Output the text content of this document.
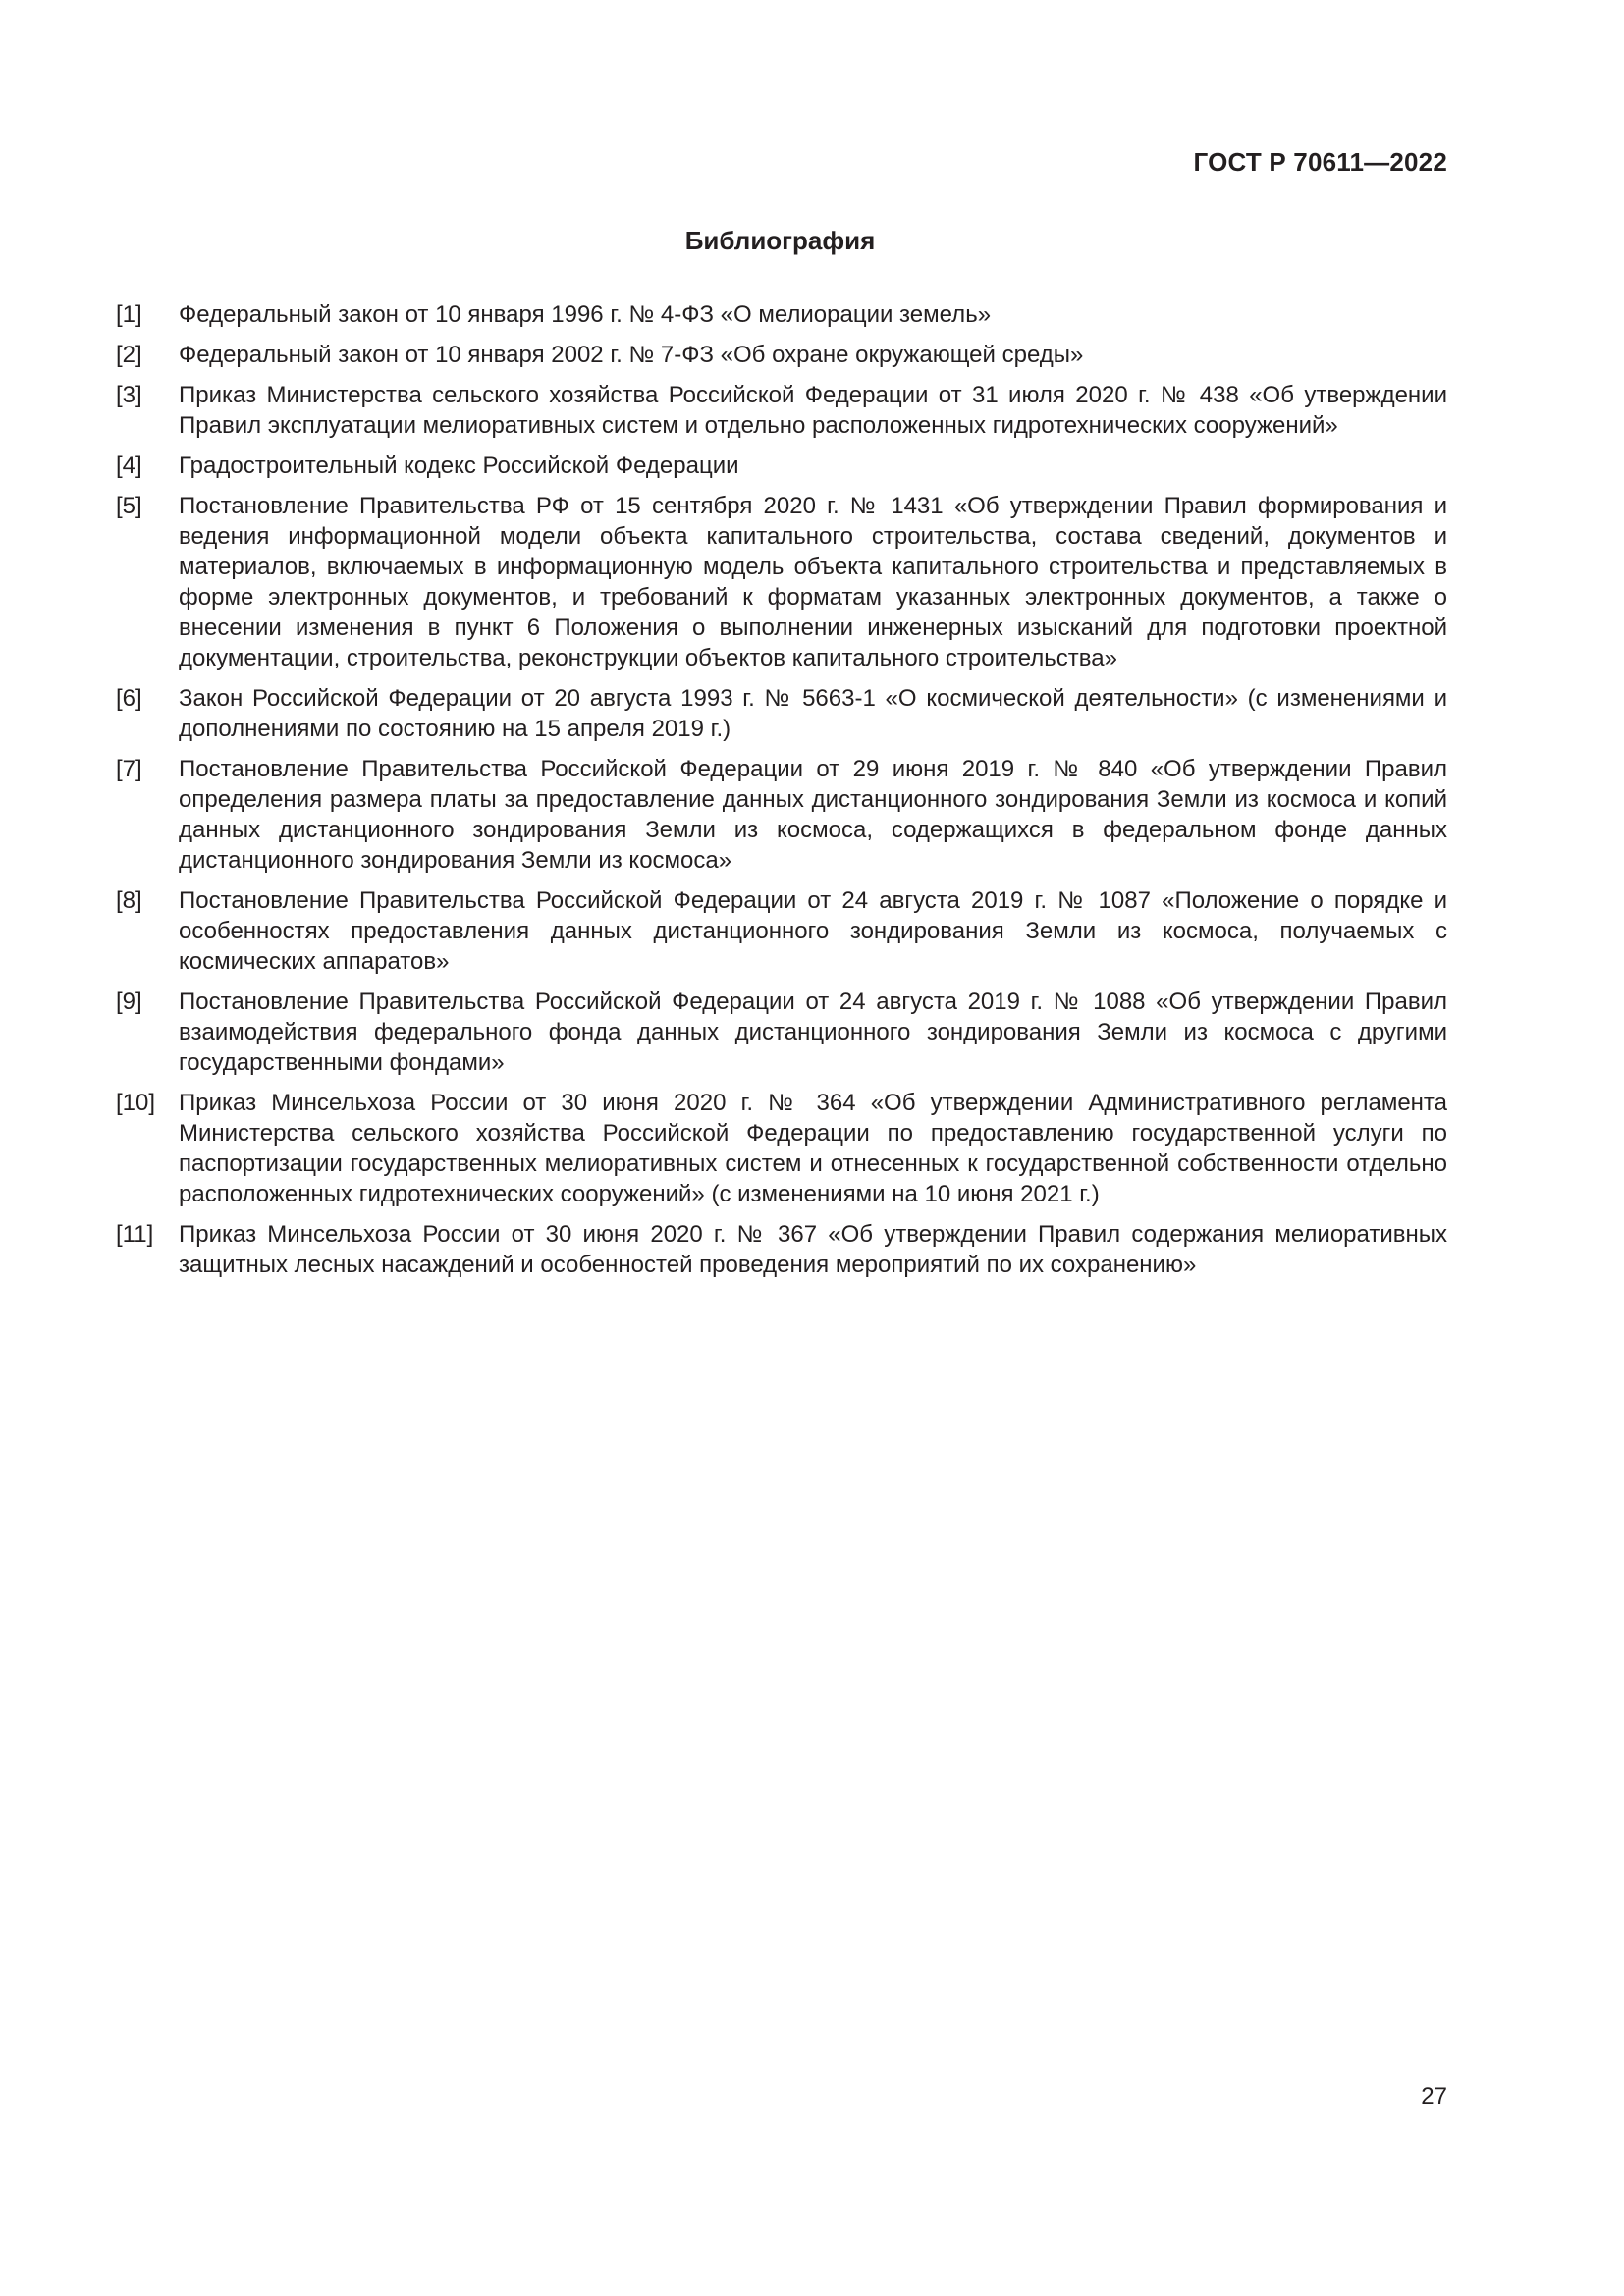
ГОСТ Р 70611—2022
Библиография
[1]	Федеральный закон от 10 января 1996 г. № 4-ФЗ «О мелиорации земель»
[2]	Федеральный закон от 10 января 2002 г. № 7-ФЗ «Об охране окружающей среды»
[3]	Приказ Министерства сельского хозяйства Российской Федерации от 31 июля 2020 г. № 438 «Об утверждении Правил эксплуатации мелиоративных систем и отдельно расположенных гидротехнических сооружений»
[4]	Градостроительный кодекс Российской Федерации
[5]	Постановление Правительства РФ от 15 сентября 2020 г. № 1431 «Об утверждении Правил формирования и ведения информационной модели объекта капитального строительства, состава сведений, документов и материалов, включаемых в информационную модель объекта капитального строительства и представляемых в форме электронных документов, и требований к форматам указанных электронных документов, а также о внесении изменения в пункт 6 Положения о выполнении инженерных изысканий для подготовки проектной документации, строительства, реконструкции объектов капитального строительства»
[6]	Закон Российской Федерации от 20 августа 1993 г. № 5663-1 «О космической деятельности» (с изменениями и дополнениями по состоянию на 15 апреля 2019 г.)
[7]	Постановление Правительства Российской Федерации от 29 июня 2019 г. № 840 «Об утверждении Правил определения размера платы за предоставление данных дистанционного зондирования Земли из космоса и копий данных дистанционного зондирования Земли из космоса, содержащихся в федеральном фонде данных дистанционного зондирования Земли из космоса»
[8]	Постановление Правительства Российской Федерации от 24 августа 2019 г. № 1087 «Положение о порядке и особенностях предоставления данных дистанционного зондирования Земли из космоса, получаемых с космических аппаратов»
[9]	Постановление Правительства Российской Федерации от 24 августа 2019 г. № 1088 «Об утверждении Правил взаимодействия федерального фонда данных дистанционного зондирования Земли из космоса с другими государственными фондами»
[10] Приказ Минсельхоза России от 30 июня 2020 г. № 364 «Об утверждении Административного регламента Министерства сельского хозяйства Российской Федерации по предоставлению государственной услуги по паспортизации государственных мелиоративных систем и отнесенных к государственной собственности отдельно расположенных гидротехнических сооружений» (с изменениями на 10 июня 2021 г.)
[11]	Приказ Минсельхоза России от 30 июня 2020 г. № 367 «Об утверждении Правил содержания мелиоративных защитных лесных насаждений и особенностей проведения мероприятий по их сохранению»
27
